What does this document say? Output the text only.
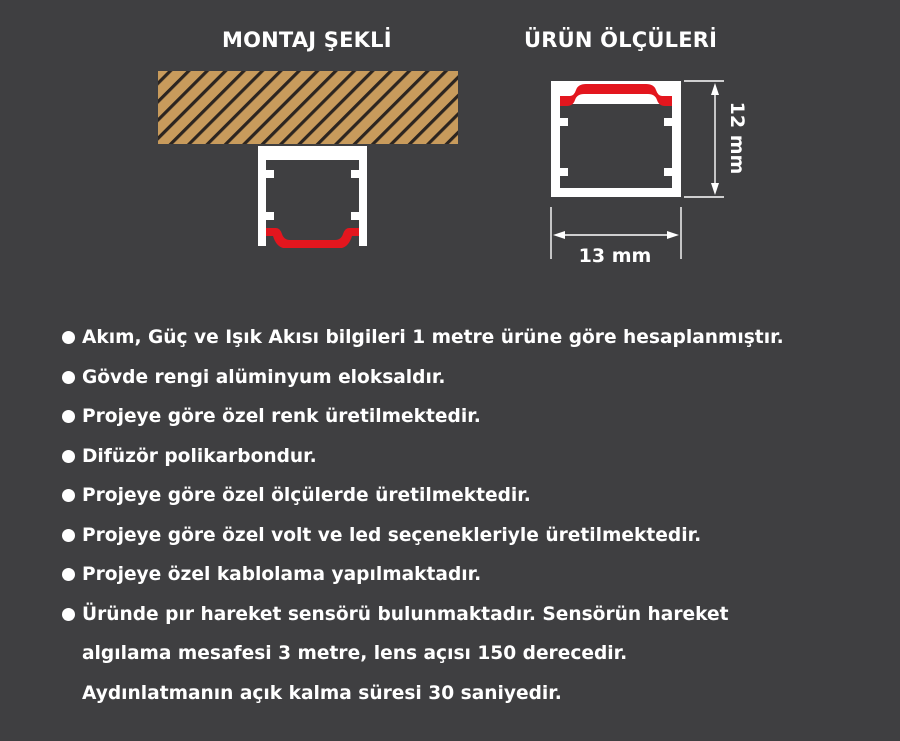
MONTAJ ŞEKLİ	ÜRÜN ÖLÇÜLERİ
12 mm
13 mm
Akım, Güç ve Işık Akısı bilgileri 1 metre ürüne göre hesaplanmıştır.
Gövde rengi alüminyum eloksaldır.
Projeye göre özel renk üretilmektedir.
Difüzör polikarbondur.
Projeye göre özel ölçülerde üretilmektedir.
Projeye göre özel volt ve led seçenekleriyle üretilmektedir.
Projeye özel kablolama yapılmaktadır.
Üründe pır hareket sensörü bulunmaktadır. Sensörün hareket
algılama mesafesi 3 metre, lens açısı 150 derecedir.
Aydınlatmanın açık kalma süresi 30 saniyedir.
